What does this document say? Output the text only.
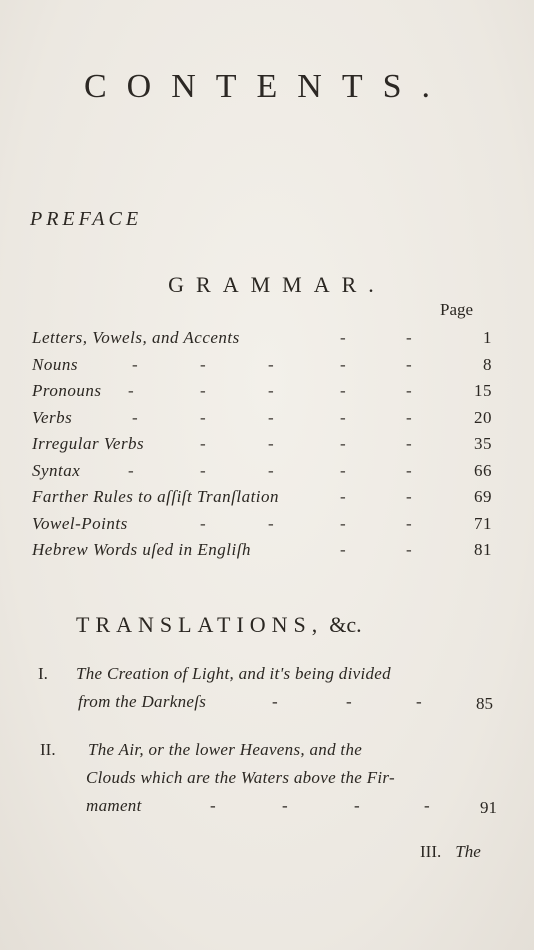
CONTENTS.
PREFACE
GRAMMAR.
Page
Letters, Vowels, and Accents	-	-	1
Nouns	-	-	-	-	-	8
Pronouns -	-	-	-	-	15
Verbs	-	-	-	-	-	20
Irregular Verbs	-	-	-	-	35
Syntax	-	-	-	-	-	66
Farther Rules to aſſiſt Tranſlation	-	-	69
Vowel-Points	-	-	-	-	71
Hebrew Words uſed in Engliſh	-	-	81
TRANSLATIONS, &c.
I. The Creation of Light, and it's being divided
from the Darkneſs	-	-	-	85
II. The Air, or the lower Heavens, and the
Clouds which are the Waters above the Fir-
mament	-	-	-	-	91
III. The
